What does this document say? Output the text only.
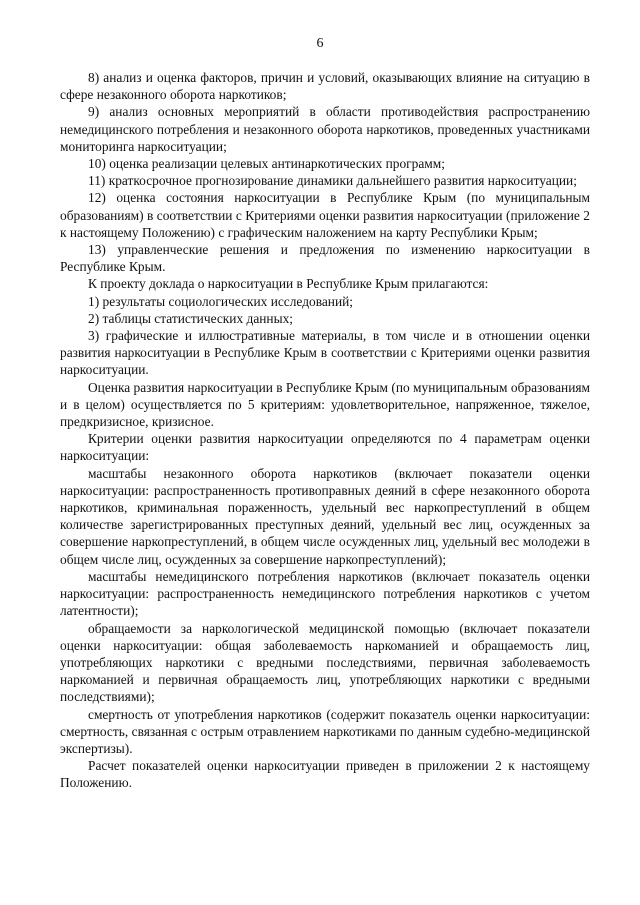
6

8) анализ и оценка факторов, причин и условий, оказывающих влияние на ситуацию в сфере незаконного оборота наркотиков;

9) анализ основных мероприятий в области противодействия распространению немедицинского потребления и незаконного оборота наркотиков, проведенных участниками мониторинга наркоситуации;

10) оценка реализации целевых антинаркотических программ;

11) краткосрочное прогнозирование динамики дальнейшего развития наркоситуации;

12) оценка состояния наркоситуации в Республике Крым (по муниципальным образованиям) в соответствии с Критериями оценки развития наркоситуации (приложение 2 к настоящему Положению) с графическим наложением на карту Республики Крым;

13) управленческие решения и предложения по изменению наркоситуации в Республике Крым.

К проекту доклада о наркоситуации в Республике Крым прилагаются:

1) результаты социологических исследований;

2) таблицы статистических данных;

3) графические и иллюстративные материалы, в том числе и в отношении оценки развития наркоситуации в Республике Крым в соответствии с Критериями оценки развития наркоситуации.

Оценка развития наркоситуации в Республике Крым (по муниципальным образованиям и в целом) осуществляется по 5 критериям: удовлетворительное, напряженное, тяжелое, предкризисное, кризисное.

Критерии оценки развития наркоситуации определяются по 4 параметрам оценки наркоситуации:

масштабы незаконного оборота наркотиков (включает показатели оценки наркоситуации: распространенность противоправных деяний в сфере незаконного оборота наркотиков, криминальная пораженность, удельный вес наркопреступлений в общем количестве зарегистрированных преступных деяний, удельный вес лиц, осужденных за совершение наркопреступлений, в общем числе осужденных лиц, удельный вес молодежи в общем числе лиц, осужденных за совершение наркопреступлений);

масштабы немедицинского потребления наркотиков (включает показатель оценки наркоситуации: распространенность немедицинского потребления наркотиков с учетом латентности);

обращаемости за наркологической медицинской помощью (включает показатели оценки наркоситуации: общая заболеваемость наркоманией и обращаемость лиц, употребляющих наркотики с вредными последствиями, первичная заболеваемость наркоманией и первичная обращаемость лиц, употребляющих наркотики с вредными последствиями);

смертность от употребления наркотиков (содержит показатель оценки наркоситуации: смертность, связанная с острым отравлением наркотиками по данным судебно-медицинской экспертизы).

Расчет показателей оценки наркоситуации приведен в приложении 2 к настоящему Положению.
